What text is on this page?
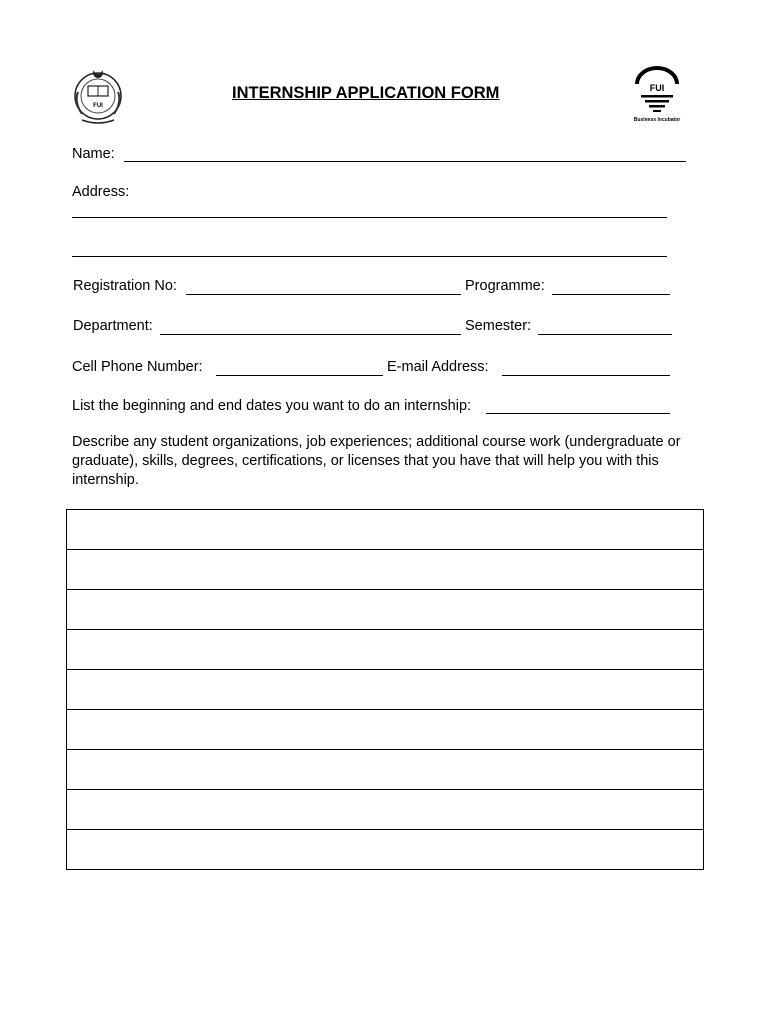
FUI
FUI
Business Incubator
INTERNSHIP APPLICATION FORM
Name:
Address:
Registration No:	Programme:
Department:	Semester:
Cell Phone Number:	E-mail Address:
List the beginning and end dates you want to do an internship:
Describe any student organizations, job experiences; additional course work (undergraduate or graduate), skills, degrees, certifications, or licenses that you have that will help you with this internship.
